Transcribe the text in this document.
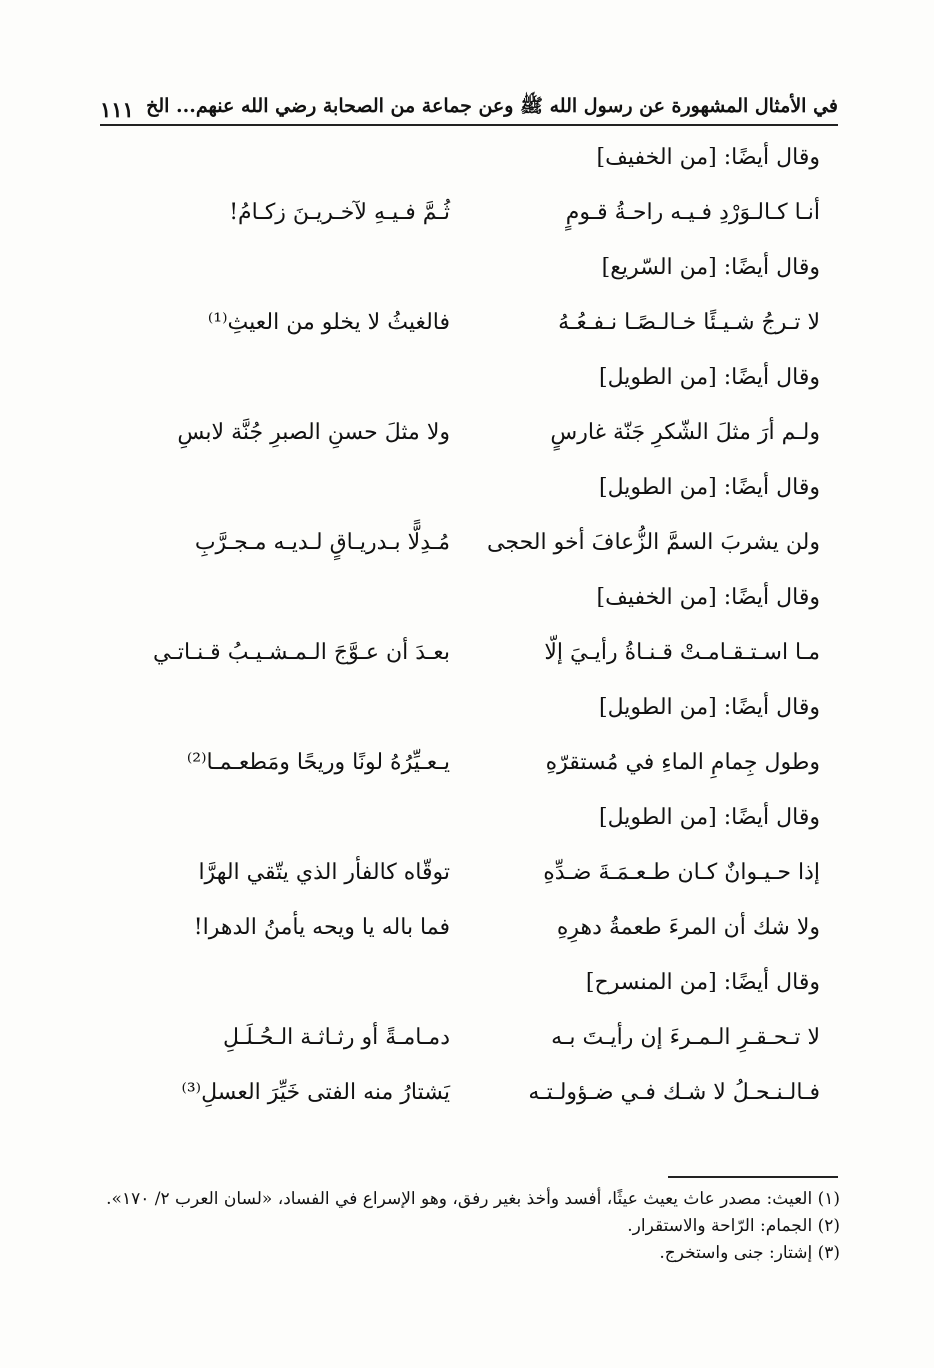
في الأمثال المشهورة عن رسول الله ﷺ وعن جماعة من الصحابة رضي الله عنهم... الخ
١١١
وقال أيضًا: [من الخفيف]
أنـا كـالـوَرْدِ فـيـه راحـةُ قـومٍ
ثُـمَّ فـيـهِ لآخـريـنَ زكـامُ!
وقال أيضًا: [من السّريع]
لا تـرجُ شـيـئًا خـالـصًـا نـفـعُـهُ
فالغيثُ لا يخلو من العيثِ⁽¹⁾
وقال أيضًا: [من الطويل]
ولـم أرَ مثلَ الشّكرِ جَنّة غارسٍ
ولا مثلَ حسنِ الصبرِ جُنَّة لابسِ
وقال أيضًا: [من الطويل]
ولن يشربَ السمَّ الزُّعافَ أخو الحجى
مُـدِلًّا بـدريـاقٍ لـديـه مـجـرَّبِ
وقال أيضًا: [من الخفيف]
مـا اسـتـقـامـتْ قـنـاةُ رأيـيَ إلّا
بعـدَ أن عـوَّجَ الـمـشـيـبُ قـنـاتـي
وقال أيضًا: [من الطويل]
وطول جِمامِ الماءِ في مُستقرّهِ
يـعـيِّرُهُ لونًا وريحًا ومَطعـمـا⁽²⁾
وقال أيضًا: [من الطويل]
إذا حـيـوانٌ كـان طـعـمَـةَ ضـدِّهِ
توقّاه كالفأر الذي يتّقي الهرَّا
ولا شك أن المرءَ طعمةُ دهرِهِ
فما باله يا ويحه يأمنُ الدهرا!
وقال أيضًا: [من المنسرح]
لا تـحـقـرِ الـمـرءَ إن رأيـتَ بـه
دمـامـةً أو رثـاثـة الـحُـلَـلِ
فـالـنـحـلُ لا شـك فـي ضـؤولـتـه
يَشتارُ منه الفتى خَيِّرَ العسلِ⁽³⁾

(١) العيث: مصدر عاث يعيث عيثًا، أفسد وأخذ بغير رفق، وهو الإسراع في الفساد، «لسان العرب ٢/ ١٧٠».

(٢) الجمام: الرّاحة والاستقرار.

(٣) إشتار: جنى واستخرج.
